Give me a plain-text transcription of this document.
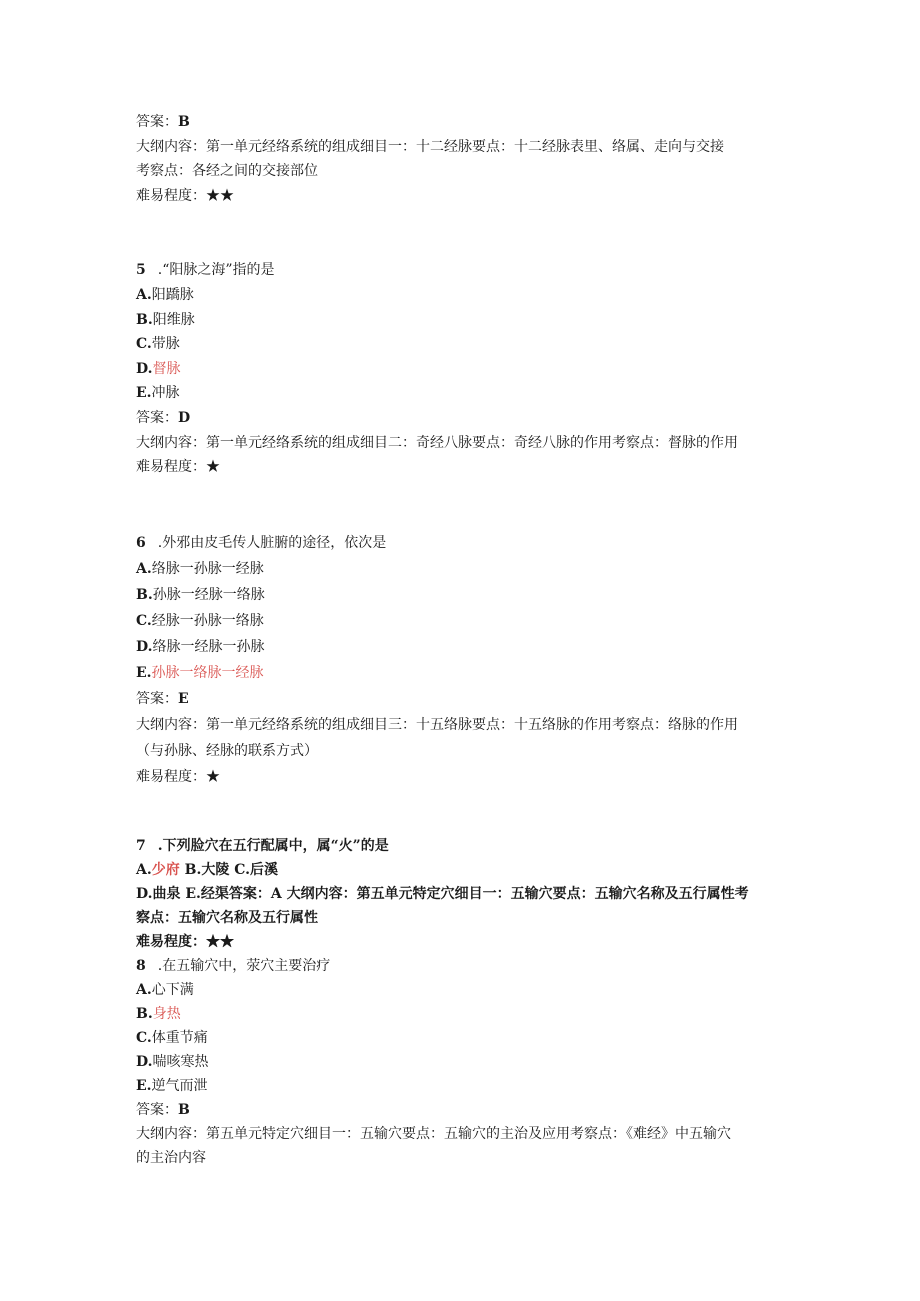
答案：B
大纲内容：第一单元经络系统的组成细目一：十二经脉要点：十二经脉表里、络属、走向与交接
考察点：各经之间的交接部位
难易程度：★★
5 .“阳脉之海”指的是
A.阳蹻脉
B.阳维脉
C.带脉
D.督脉
E.冲脉
答案：D
大纲内容：第一单元经络系统的组成细目二：奇经八脉要点：奇经八脉的作用考察点：督脉的作用
难易程度：★
6 .外邪由皮毛传人脏腑的途径，依次是
A.络脉一孙脉一经脉
B.孙脉一经脉一络脉
C.经脉一孙脉一络脉
D.络脉一经脉一孙脉
E.孙脉一络脉一经脉
答案：E
大纲内容：第一单元经络系统的组成细目三：十五络脉要点：十五络脉的作用考察点：络脉的作用
（与孙脉、经脉的联系方式）
难易程度：★
7 .下列脸穴在五行配属中，属“火”的是
A.少府 B.大陵 C.后溪
D.曲泉 E.经渠答案：A 大纲内容：第五单元特定穴细目一：五输穴要点：五输穴名称及五行属性考
察点：五输穴名称及五行属性
难易程度：★★
8 .在五输穴中，荥穴主要治疗
A.心下满
B.身热
C.体重节痛
D.喘咳寒热
E.逆气而泄
答案：B
大纲内容：第五单元特定穴细目一：五输穴要点：五输穴的主治及应用考察点：《难经》中五输穴
的主治内容
